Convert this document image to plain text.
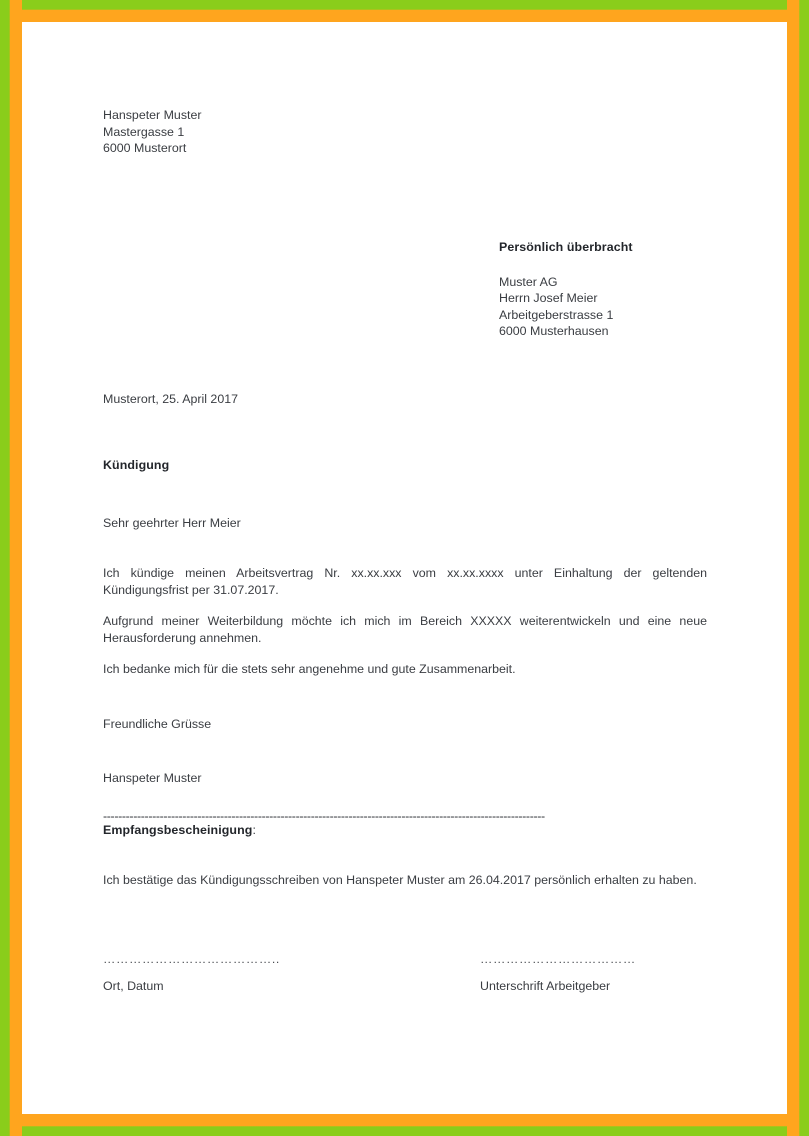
Hanspeter Muster
Mastergasse 1
6000 Musterort
Persönlich überbracht
Muster AG
Herrn Josef Meier
Arbeitgeberstrasse 1
6000 Musterhausen
Musterort, 25. April 2017
Kündigung
Sehr geehrter Herr Meier

Ich kündige meinen Arbeitsvertrag Nr. xx.xx.xxx vom xx.xx.xxxx unter Einhaltung der geltenden Kündigungsfrist per 31.07.2017.

Aufgrund meiner Weiterbildung möchte ich mich im Bereich XXXXX weiterentwickeln und eine neue Herausforderung annehmen.

Ich bedanke mich für die stets sehr angenehme und gute Zusammenarbeit.

Freundliche Grüsse
Hanspeter Muster
---------------------------------------------------------------------------------------------------------------------
Empfangsbescheinigung:

Ich bestätige das Kündigungsschreiben von Hanspeter Muster am 26.04.2017 persönlich erhalten zu haben.

…………………………………..
Ort, Datum
………………………………
Unterschrift Arbeitgeber
